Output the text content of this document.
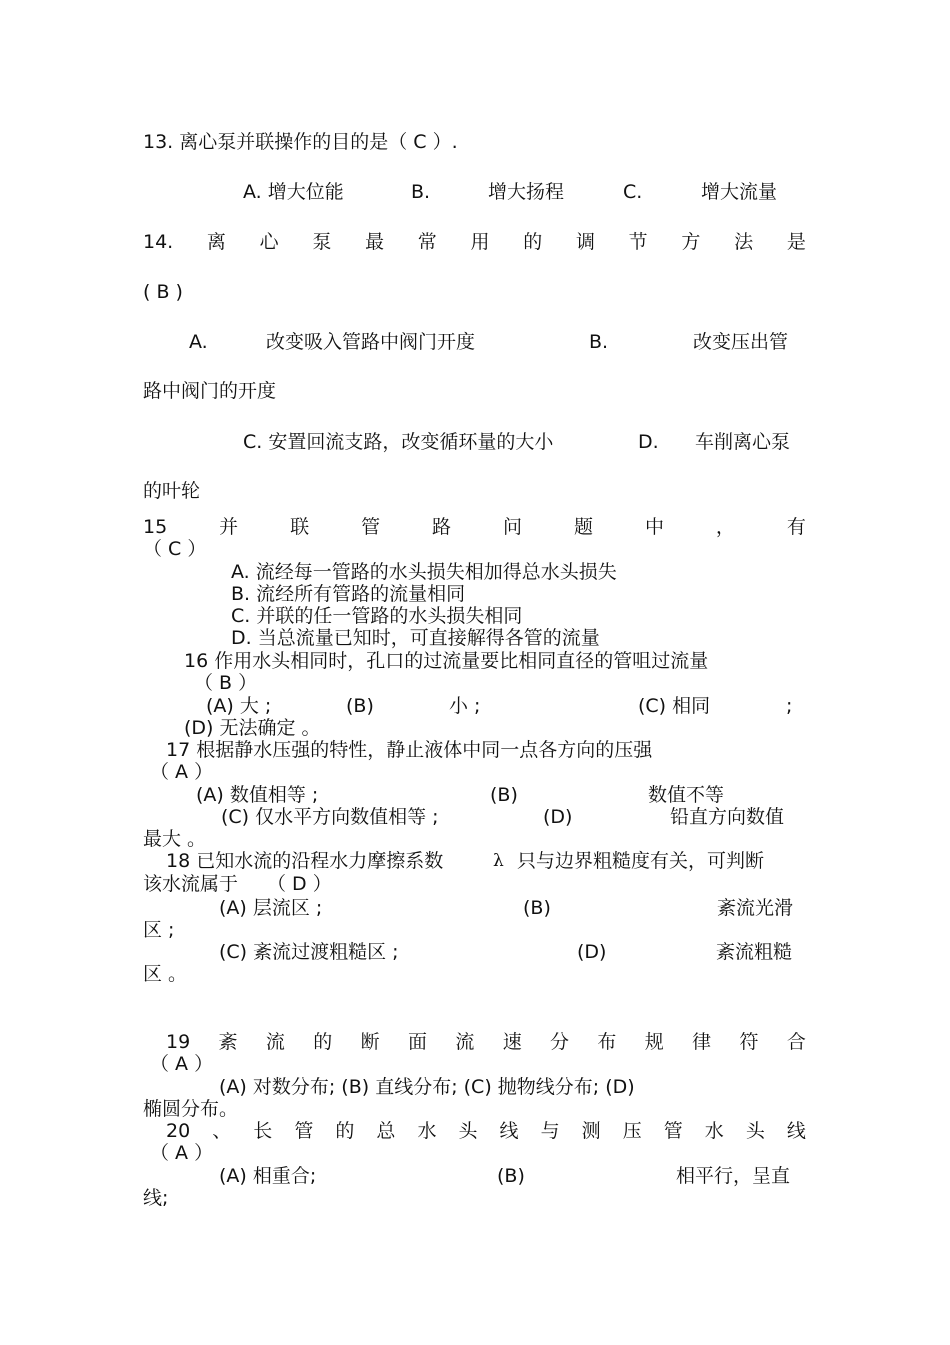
13. 离心泵并联操作的目的是（ C ）.
A. 增大位能	B.	增大扬程	C.	增大流量
14. 离 心 泵 最 常 用 的 调 节 方 法 是
( B )
A.	改变吸入管路中阀门开度	B.	改变压出管
路中阀门的开度
C. 安置回流支路，改变循环量的大小	D. 车削离心泵
的叶轮
15	并	联	管	路	问	题	中	，	有
（ C ）
A. 流经每一管路的水头损失相加得总水头损失
B. 流经所有管路的流量相同
C. 并联的任一管路的水头损失相同
D. 当总流量已知时，可直接解得各管的流量
16 作用水头相同时，孔口的过流量要比相同直径的管咀过流量
（ B ）
(A) 大 ;	(B)	小 ;	(C) 相同	;
(D) 无法确定 。
17 根据静水压强的特性，静止液体中同一点各方向的压强
（ A ）
(A) 数值相等 ;	(B)	数值不等
(C) 仅水平方向数值相等 ;	(D)	铅直方向数值
最大 。
18 已知水流的沿程水力摩擦系数	λ 只与边界粗糙度有关，可判断
该水流属于 （ D ）
(A) 层流区 ;	(B)	紊流光滑
区 ;
(C) 紊流过渡粗糙区 ;	(D)	紊流粗糙
区 。
19 紊 流 的 断 面 流 速 分 布 规 律 符 合
（ A ）
(A) 对数分布; (B) 直线分布; (C) 抛物线分布; (D)
椭圆分布。
20 、 长 管 的 总 水 头 线 与 测 压 管 水 头 线
（ A ）
(A) 相重合;	(B)	相平行，呈直
线;
